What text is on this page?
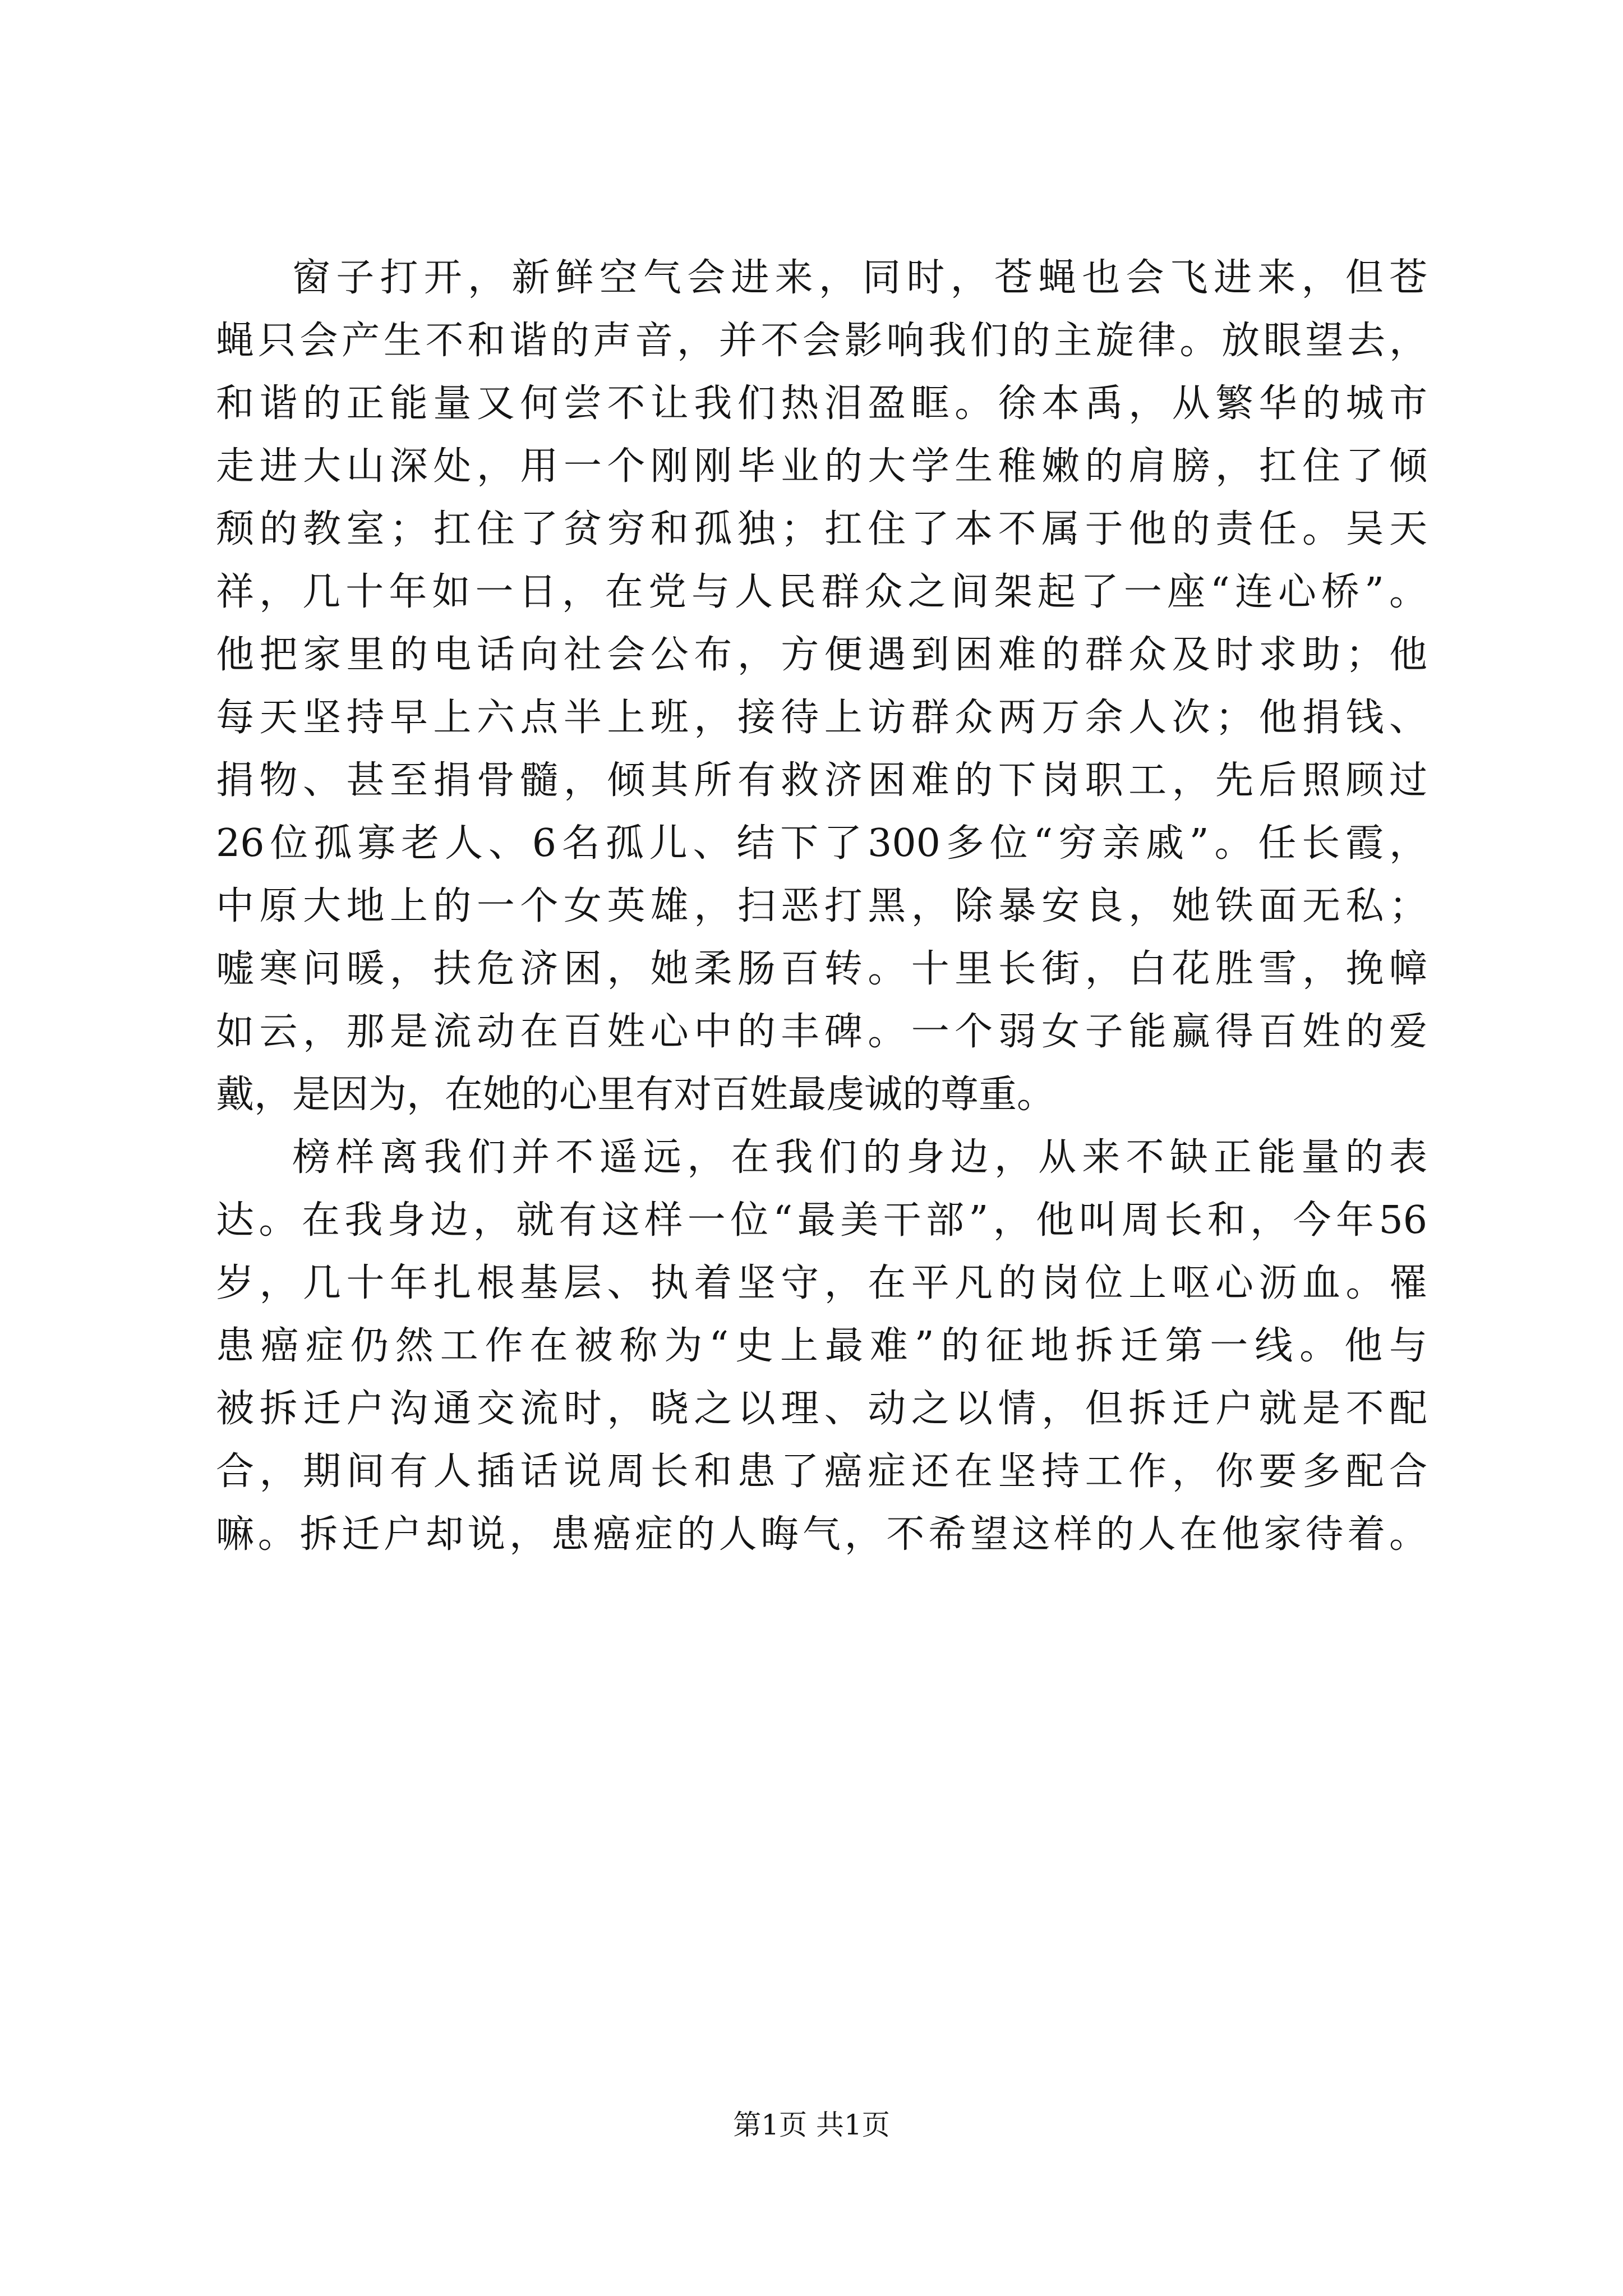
窗子打开，新鲜空气会进来，同时，苍蝇也会飞进来，但苍
蝇只会产生不和谐的声音，并不会影响我们的主旋律。放眼望去，
和谐的正能量又何尝不让我们热泪盈眶。徐本禹，从繁华的城市
走进大山深处，用一个刚刚毕业的大学生稚嫩的肩膀，扛住了倾
颓的教室；扛住了贫穷和孤独；扛住了本不属于他的责任。吴天
祥，几十年如一日，在党与人民群众之间架起了一座“连心桥”。
他把家里的电话向社会公布，方便遇到困难的群众及时求助；他
每天坚持早上六点半上班，接待上访群众两万余人次；他捐钱、
捐物、甚至捐骨髓，倾其所有救济困难的下岗职工，先后照顾过
26位孤寡老人、6名孤儿、结下了300多位“穷亲戚”。任长霞，
中原大地上的一个女英雄，扫恶打黑，除暴安良，她铁面无私；
嘘寒问暖，扶危济困，她柔肠百转。十里长街，白花胜雪，挽幛
如云，那是流动在百姓心中的丰碑。一个弱女子能赢得百姓的爱
戴，是因为，在她的心里有对百姓最虔诚的尊重。
榜样离我们并不遥远，在我们的身边，从来不缺正能量的表
达。在我身边，就有这样一位“最美干部”，他叫周长和，今年56
岁，几十年扎根基层、执着坚守，在平凡的岗位上呕心沥血。罹
患癌症仍然工作在被称为“史上最难”的征地拆迁第一线。他与
被拆迁户沟通交流时，晓之以理、动之以情，但拆迁户就是不配
合，期间有人插话说周长和患了癌症还在坚持工作，你要多配合
嘛。拆迁户却说，患癌症的人晦气，不希望这样的人在他家待着。
第1页 共1页
